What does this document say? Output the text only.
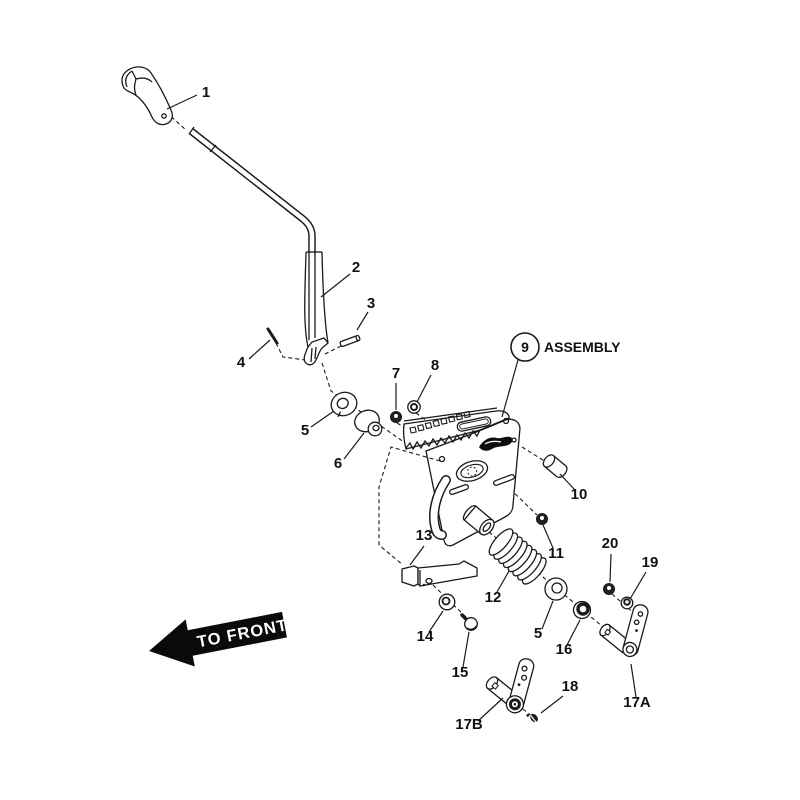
1
2
3
4
5
6
7 8
10
11
12
13
14
15
5
16
17A
17B
18
19
20
9 ASSEMBLY
TO FRONT
